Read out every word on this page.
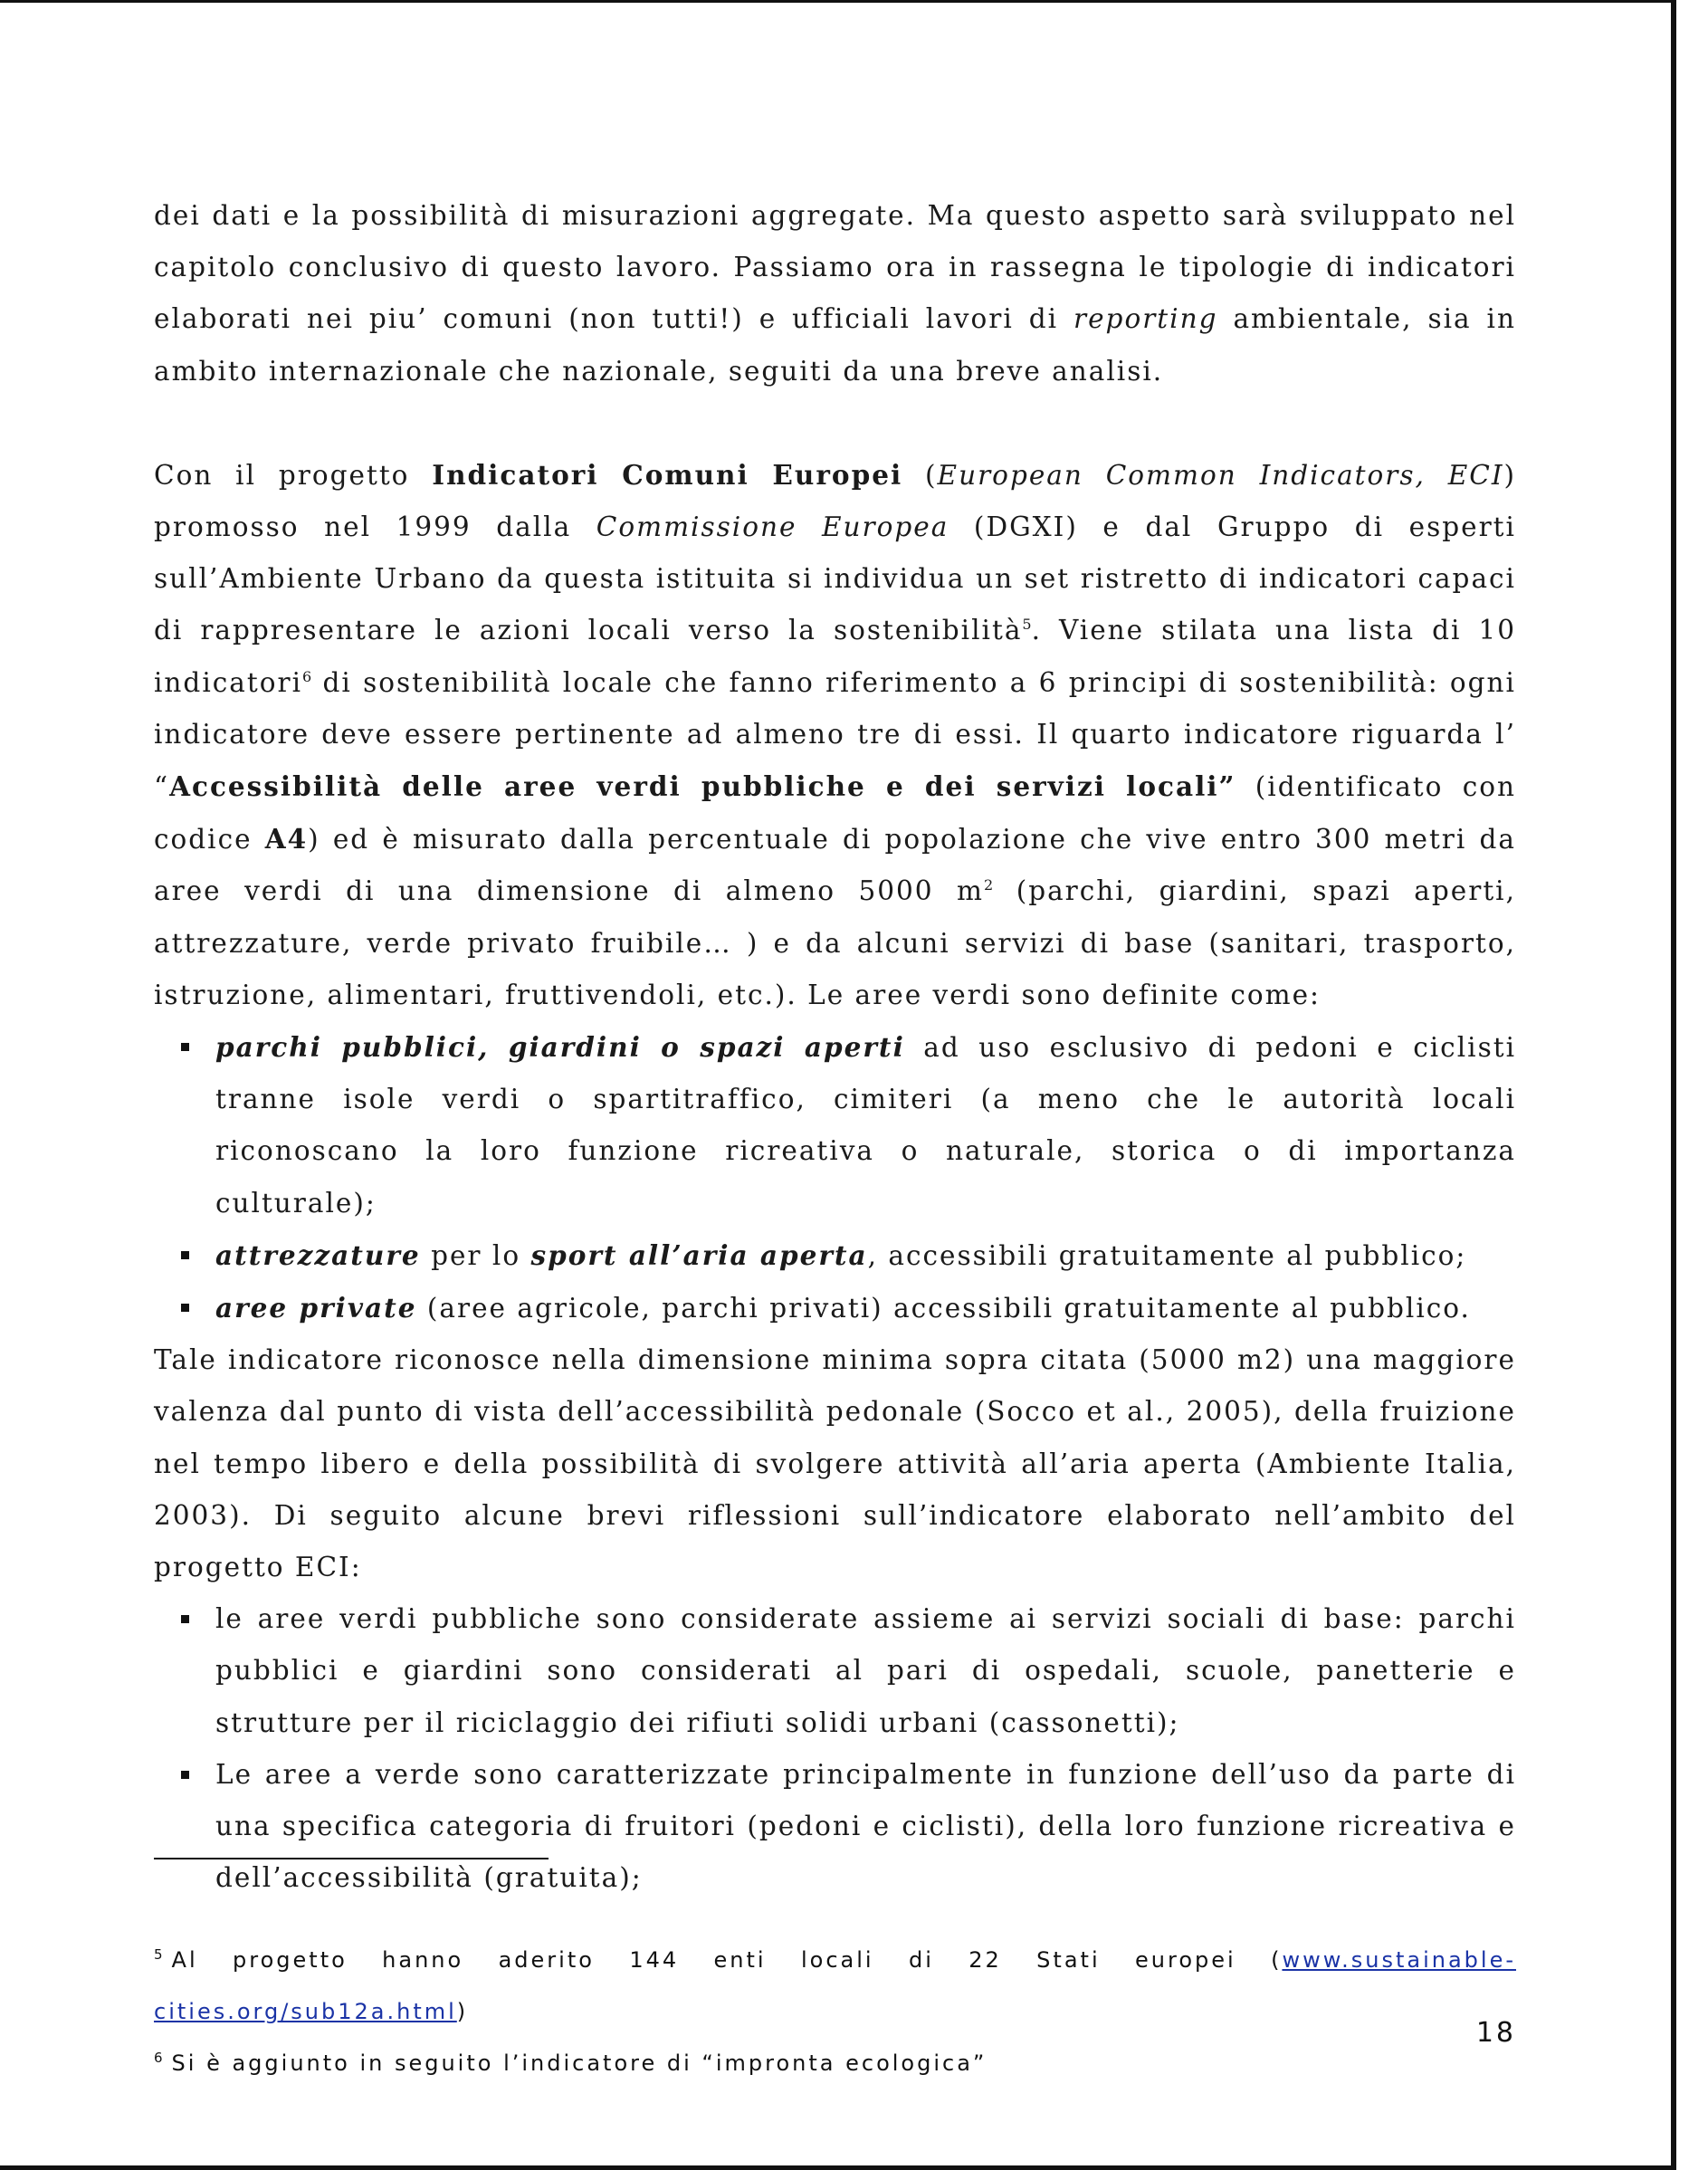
dei dati e la possibilità di misurazioni aggregate. Ma questo aspetto sarà sviluppato nel capitolo conclusivo di questo lavoro. Passiamo ora in rassegna le tipologie di indicatori elaborati nei piu’ comuni (non tutti!) e ufficiali lavori di reporting ambientale, sia in ambito internazionale che nazionale, seguiti da una breve analisi.

Con il progetto Indicatori Comuni Europei (European Common Indicators, ECI) promosso nel 1999 dalla Commissione Europea (DGXI) e dal Gruppo di esperti sull’Ambiente Urbano da questa istituita si individua un set ristretto di indicatori capaci di rappresentare le azioni locali verso la sostenibilità$^5$. Viene stilata una lista di 10 indicatori$^6$ di sostenibilità locale che fanno riferimento a 6 principi di sostenibilità: ogni indicatore deve essere pertinente ad almeno tre di essi. Il quarto indicatore riguarda l’ “Accessibilità delle aree verdi pubbliche e dei servizi locali” (identificato con codice A4) ed è misurato dalla percentuale di popolazione che vive entro 300 metri da aree verdi di una dimensione di almeno 5000 $m^2$ (parchi, giardini, spazi aperti, attrezzature, verde privato fruibile… ) e da alcuni servizi di base (sanitari, trasporto, istruzione, alimentari, fruttivendoli, etc.). Le aree verdi sono definite come:

parchi pubblici, giardini o spazi aperti ad uso esclusivo di pedoni e ciclisti tranne isole verdi o spartitraffico, cimiteri (a meno che le autorità locali riconoscano la loro funzione ricreativa o naturale, storica o di importanza culturale);
attrezzature per lo sport all’aria aperta, accessibili gratuitamente al pubblico;
aree private (aree agricole, parchi privati) accessibili gratuitamente al pubblico.

Tale indicatore riconosce nella dimensione minima sopra citata (5000 m2) una maggiore valenza dal punto di vista dell’accessibilità pedonale (Socco et al., 2005), della fruizione nel tempo libero e della possibilità di svolgere attività all’aria aperta (Ambiente Italia, 2003). Di seguito alcune brevi riflessioni sull’indicatore elaborato nell’ambito del progetto ECI:

le aree verdi pubbliche sono considerate assieme ai servizi sociali di base: parchi pubblici e giardini sono considerati al pari di ospedali, scuole, panetterie e strutture per il riciclaggio dei rifiuti solidi urbani (cassonetti);
Le aree a verde sono caratterizzate principalmente in funzione dell’uso da parte di una specifica categoria di fruitori (pedoni e ciclisti), della loro funzione ricreativa e dell’accessibilità (gratuita);

$^5$ Al progetto hanno aderito 144 enti locali di 22 Stati europei (www.sustainable-cities.org/sub12a.html)

$^6$ Si è aggiunto in seguito l’indicatore di “impronta ecologica”

18
